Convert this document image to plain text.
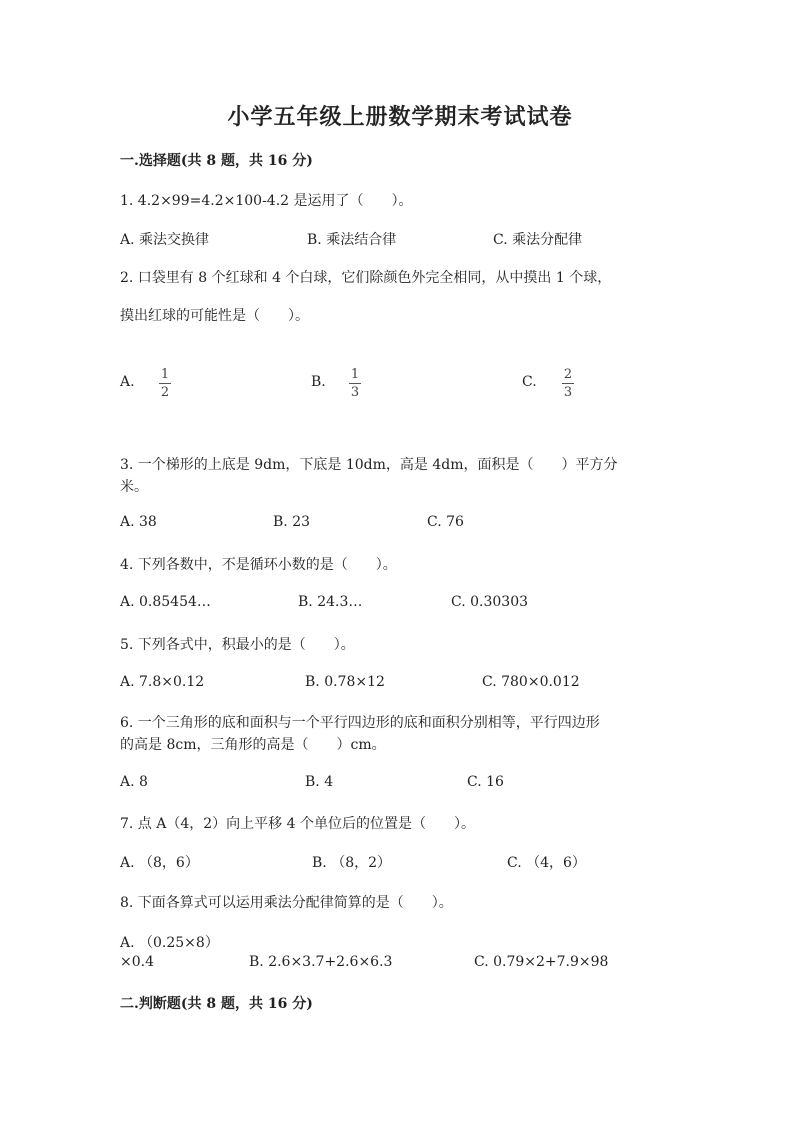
小学五年级上册数学期末考试试卷
一.选择题(共 8 题，共 16 分)
1. 4.2×99=4.2×100-4.2 是运用了（　　）。
A. 乘法交换律	B. 乘法结合律	C. 乘法分配律
2. 口袋里有 8 个红球和 4 个白球，它们除颜色外完全相同，从中摸出 1 个球，
摸出红球的可能性是（　　）。
A. 1
2
B. 1
3
C. 2
3
3. 一个梯形的上底是 9dm，下底是 10dm，高是 4dm，面积是（　　）平方分
米。
A. 38	B. 23	C. 76
4. 下列各数中，不是循环小数的是（　　）。
A. 0.85454…	B. 24.3…	C. 0.30303
5. 下列各式中，积最小的是（　　）。
A. 7.8×0.12	B. 0.78×12	C. 780×0.012
6. 一个三角形的底和面积与一个平行四边形的底和面积分别相等，平行四边形
的高是 8cm，三角形的高是（　　）cm。
A. 8	B. 4	C. 16
7. 点 A（4，2）向上平移 4 个单位后的位置是（　　）。
A. （8，6）	B. （8，2）	C. （4，6）
8. 下面各算式可以运用乘法分配律简算的是（　　）。
A. （0.25×8）
×0.4	B. 2.6×3.7+2.6×6.3	C. 0.79×2+7.9×98
二.判断题(共 8 题，共 16 分)
